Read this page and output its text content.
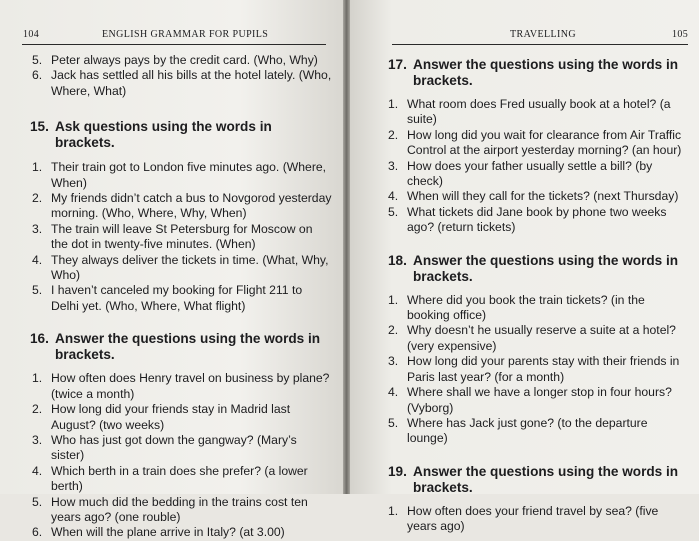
104	ENGLISH GRAMMAR FOR PUPILS
5. Peter always pays by the credit card. (Who, Why)
6. Jack has settled all his bills at the hotel lately. (Who, Where, What)
15. Ask questions using the words in brackets.
1. Their train got to London five minutes ago. (Where, When)
2. My friends didn’t catch a bus to Novgorod yesterday morning. (Who, Where, Why, When)
3. The train will leave St Petersburg for Moscow on the dot in twenty-five minutes. (When)
4. They always deliver the tickets in time. (What, Why, Who)
5. I haven’t canceled my booking for Flight 211 to Delhi yet. (Who, Where, What flight)
16. Answer the questions using the words in brackets.
1. How often does Henry travel on business by plane? (twice a month)
2. How long did your friends stay in Madrid last August? (two weeks)
3. Who has just got down the gangway? (Mary’s sister)
4. Which berth in a train does she prefer? (a lower berth)
5. How much did the bedding in the trains cost ten years ago? (one rouble)
6. When will the plane arrive in Italy? (at 3.00)
TRAVELLING	105
17. Answer the questions using the words in brackets.
1. What room does Fred usually book at a hotel? (a suite)
2. How long did you wait for clearance from Air Traffic Control at the airport yesterday morning? (an hour)
3. How does your father usually settle a bill? (by check)
4. When will they call for the tickets? (next Thursday)
5. What tickets did Jane book by phone two weeks ago? (return tickets)
18. Answer the questions using the words in brackets.
1. Where did you book the train tickets? (in the booking office)
2. Why doesn’t he usually reserve a suite at a hotel? (very expensive)
3. How long did your parents stay with their friends in Paris last year? (for a month)
4. Where shall we have a longer stop in four hours? (Vyborg)
5. Where has Jack just gone? (to the departure lounge)
19. Answer the questions using the words in brackets.
1. How often does your friend travel by sea? (five years ago)
